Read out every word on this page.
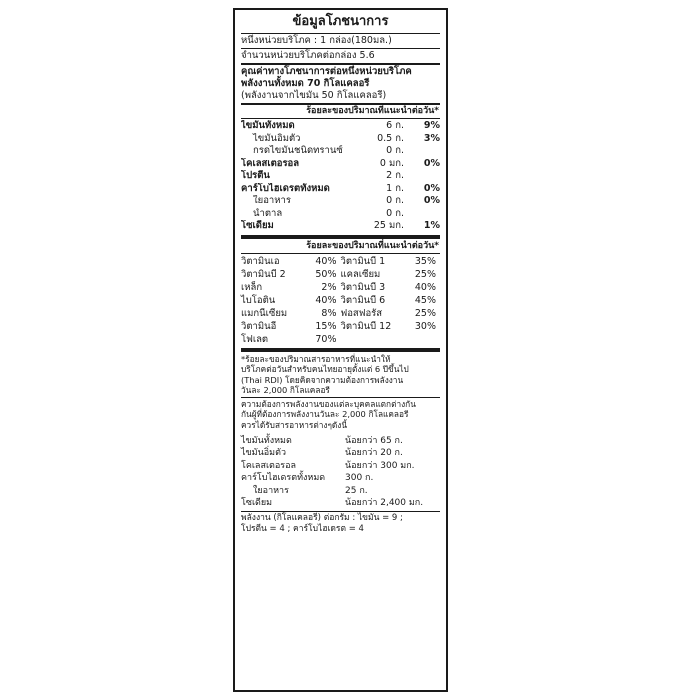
ข้อมูลโภชนาการ
หนึ่งหน่วยบริโภค : 1 กล่อง(180มล.)
จำนวนหน่วยบริโภคต่อกล่อง 5.6
คุณค่าทางโภชนาการต่อหนึ่งหน่วยบริโภค
พลังงานทั้งหมด 70 กิโลแคลอรี
(พลังงานจากไขมัน 50 กิโลแคลอรี)
ร้อยละของปริมาณที่แนะนำต่อวัน*
ไขมันทั้งหมด	6 ก.	9%
ไขมันอิ่มตัว	0.5 ก.	3%
กรดไขมันชนิดทรานซ์	0 ก.
โคเลสเตอรอล	0 มก.	0%
โปรตีน	2 ก.
คาร์โบไฮเดรตทั้งหมด	1 ก.	0%
ใยอาหาร	0 ก.	0%
น้ำตาล	0 ก.
โซเดียม	25 มก.	1%
ร้อยละของปริมาณที่แนะนำต่อวัน*
วิตามินเอ	40% วิตามินบี 1	35%
วิตามินบี 2	50% แคลเซียม	25%
เหล็ก	2% วิตามินบี 3	40%
ไบโอติน	40% วิตามินบี 6	45%
แมกนีเซียม	8% ฟอสฟอรัส	25%
วิตามินอี	15% วิตามินบี 12	30%
โฟเลต	70%
*ร้อยละของปริมาณสารอาหารที่แนะนำให้
บริโภคต่อวันสำหรับคนไทยอายุตั้งแต่ 6 ปีขึ้นไป
(Thai RDI) โดยคิดจากความต้องการพลังงาน
วันละ 2,000 กิโลแคลอรี
ความต้องการพลังงานของแต่ละบุคคลแตกต่างกัน
กันผู้ที่ต้องการพลังงานวันละ 2,000 กิโลแคลอรี
ควรได้รับสารอาหารต่างๆดังนี้
ไขมันทั้งหมด	น้อยกว่า 65 ก.
ไขมันอิ่มตัว	น้อยกว่า 20 ก.
โคเลสเตอรอล	น้อยกว่า 300 มก.
คาร์โบไฮเดรตทั้งหมด	300 ก.
ใยอาหาร	25 ก.
โซเดียม	น้อยกว่า 2,400 มก.
พลังงาน (กิโลแคลอรี) ต่อกรัม : ไขมัน = 9 ;
โปรตีน = 4 ; คาร์โบไฮเดรต = 4
